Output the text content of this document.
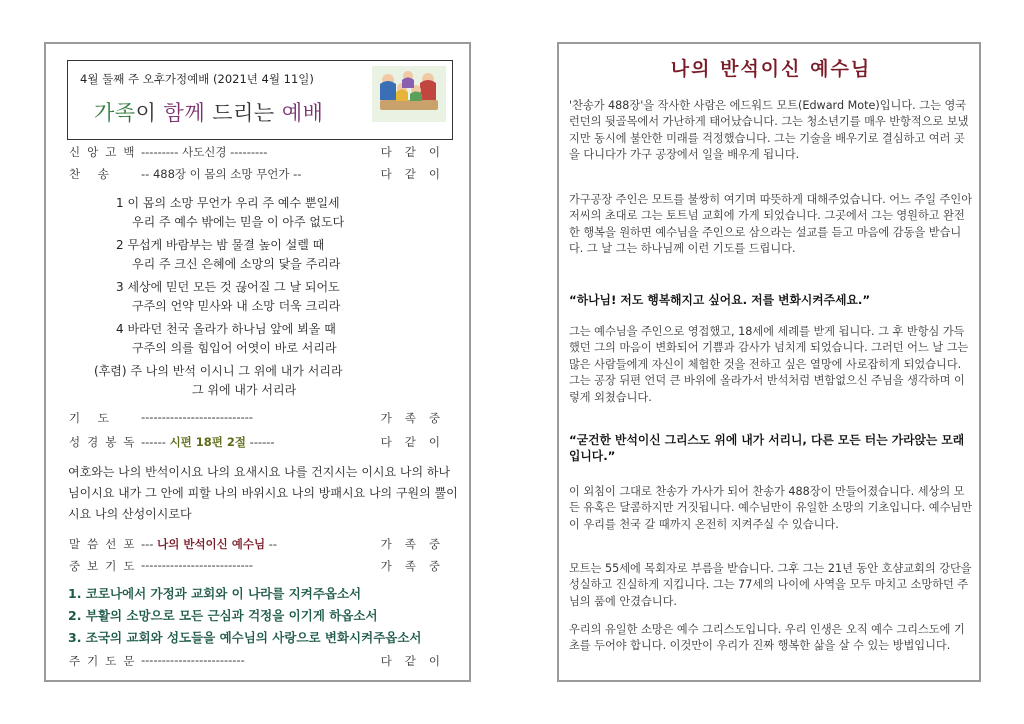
4월 둘째 주 오후가정예배 (2021년 4월 11일)
가족이 함께 드리는 예배
신앙고백 --------- 사도신경 ---------	다같이
찬 송 -- 488장 이 몸의 소망 무언가 --	다같이
1 이 몸의 소망 무언가 우리 주 예수 뿐일세
우리 주 예수 밖에는 믿을 이 아주 없도다
2 무섭게 바람부는 밤 물결 높이 설렐 때
우리 주 크신 은혜에 소망의 닻을 주리라
3 세상에 믿던 모든 것 끊어질 그 날 되어도
구주의 언약 믿사와 내 소망 더욱 크리라
4 바라던 천국 올라가 하나님 앞에 뵈올 때
구주의 의를 힘입어 어엿이 바로 서리라
(후렴) 주 나의 반석 이시니 그 위에 내가 서리라
그 위에 내가 서리라
기 도 ---------------------------	가족중
성경봉독 ------ 시편 18편 2절 ------	다같이
여호와는 나의 반석이시요 나의 요새시요 나를 건지시는 이시요 나의 하나님이시요 내가 그 안에 피할 나의 바위시요 나의 방패시요 나의 구원의 뿔이시요 나의 산성이시로다
말씀선포 --- 나의 반석이신 예수님 --	가족중
중보기도 ---------------------------	가족중
1. 코로나에서 가정과 교회와 이 나라를 지켜주옵소서
2. 부활의 소망으로 모든 근심과 걱정을 이기게 하옵소서
3. 조국의 교회와 성도들을 예수님의 사랑으로 변화시켜주옵소서
주기도문 -------------------------	다같이
나의 반석이신 예수님
'찬송가 488장'을 작사한 사람은 에드워드 모트(Edward Mote)입니다. 그는 영국 런던의 뒷골목에서 가난하게 태어났습니다. 그는 청소년기를 매우 반항적으로 보냈지만 동시에 불안한 미래를 걱정했습니다. 그는 기술을 배우기로 결심하고 여러 곳을 다니다가 가구 공장에서 일을 배우게 됩니다.
가구공장 주인은 모트를 불쌍히 여기며 따뜻하게 대해주었습니다. 어느 주일 주인아저씨의 초대로 그는 토트넘 교회에 가게 되었습니다. 그곳에서 그는 영원하고 완전한 행복을 원하면 예수님을 주인으로 삼으라는 설교를 듣고 마음에 감동을 받습니다. 그 날 그는 하나님께 이런 기도를 드립니다.
“하나님! 저도 행복해지고 싶어요. 저를 변화시켜주세요.”
그는 예수님을 주인으로 영접했고, 18세에 세례를 받게 됩니다. 그 후 반항심 가득했던 그의 마음이 변화되어 기쁨과 감사가 넘치게 되었습니다. 그러던 어느 날 그는 많은 사람들에게 자신이 체험한 것을 전하고 싶은 열망에 사로잡히게 되었습니다. 그는 공장 뒤편 언덕 큰 바위에 올라가서 반석처럼 변함없으신 주님을 생각하며 이렇게 외쳤습니다.
“굳건한 반석이신 그리스도 위에 내가 서리니, 다른 모든 터는 가라앉는 모래입니다.”
이 외침이 그대로 찬송가 가사가 되어 찬송가 488장이 만들어졌습니다. 세상의 모든 유혹은 달콤하지만 거짓됩니다. 예수님만이 유일한 소망의 기초입니다. 예수님만이 우리를 천국 갈 때까지 온전히 지켜주실 수 있습니다.
모트는 55세에 목회자로 부름을 받습니다. 그후 그는 21년 동안 호샴교회의 강단을 성실하고 진실하게 지킵니다. 그는 77세의 나이에 사역을 모두 마치고 소망하던 주님의 품에 안겼습니다.
우리의 유일한 소망은 예수 그리스도입니다. 우리 인생은 오직 예수 그리스도에 기초를 두어야 합니다. 이것만이 우리가 진짜 행복한 삶을 살 수 있는 방법입니다.
